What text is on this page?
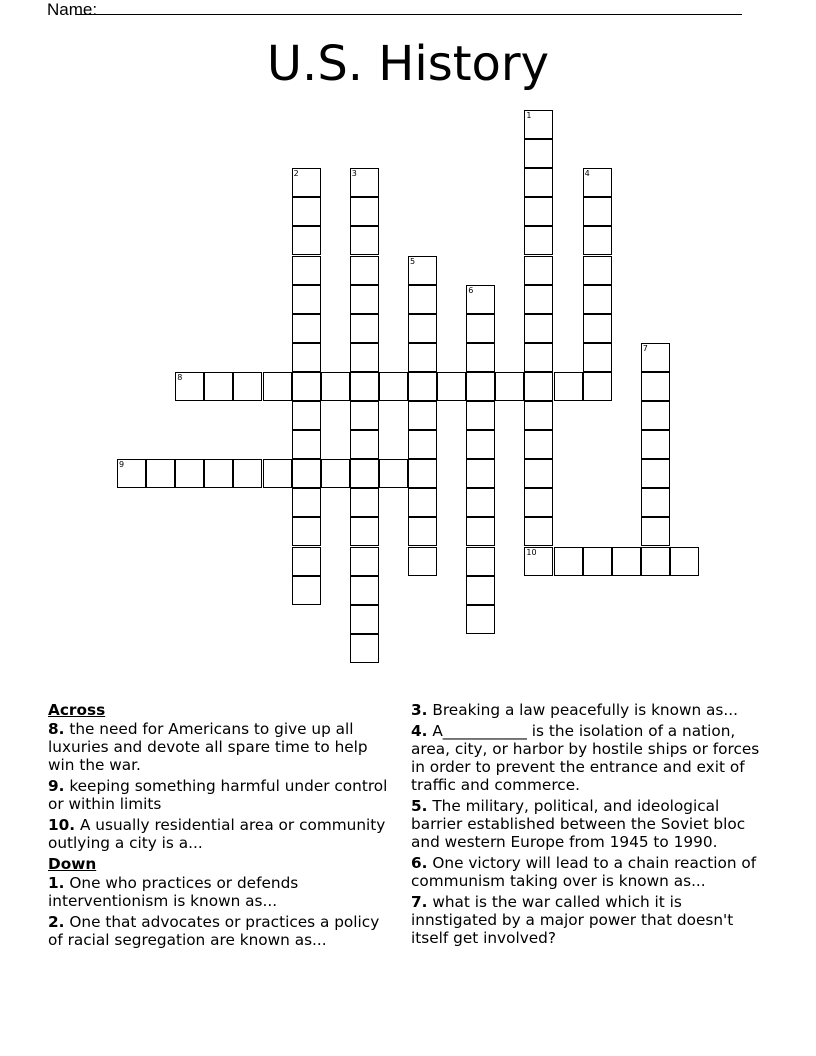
Name:
U.S. History
1
10
2	3	4
5
6
7
8
9
Across
8. the need for Americans to give up all luxuries and devote all spare time to help win the war.
9. keeping something harmful under control or within limits
10. A usually residential area or community outlying a city is a...
Down
1. One who practices or defends interventionism is known as...
2. One that advocates or practices a policy of racial segregation are known as...
3. Breaking a law peacefully is known as...
4. A___________ is the isolation of a nation, area, city, or harbor by hostile ships or forces in order to prevent the entrance and exit of traffic and commerce.
5. The military, political, and ideological barrier established between the Soviet bloc and western Europe from 1945 to 1990.
6. One victory will lead to a chain reaction of communism taking over is known as...
7. what is the war called which it is innstigated by a major power that doesn't itself get involved?
